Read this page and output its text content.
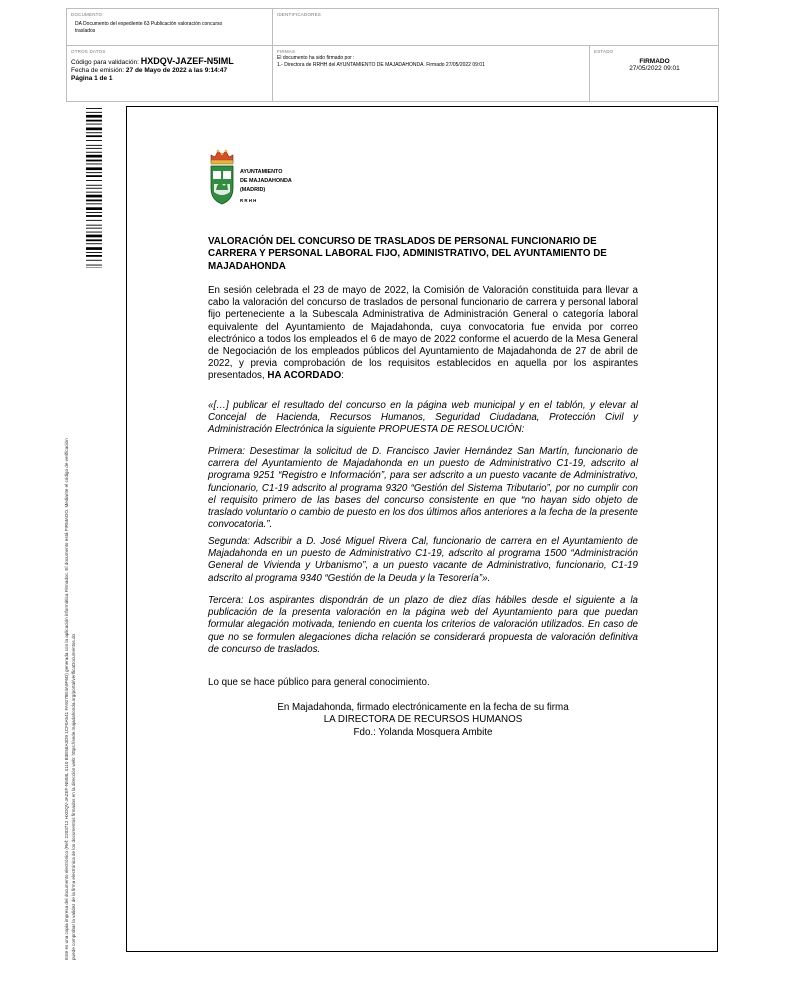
DOCUMENTO
DA Documento del expediente 63 Publicación valoración concurso traslados
IDENTIFICADORES
OTROS DATOS
Código para validación: HXDQV-JAZEF-N5IML
Fecha de emisión: 27 de Mayo de 2022 a las 9:14:47
Página 1 de 1
FIRMAS
El documento ha sido firmado por :
1.- Directora de RRHH del AYUNTAMIENTO DE MAJADAHONDA. Firmado 27/05/2022 09:01
ESTADO
FIRMADO
27/05/2022 09:01
Este es una copia impresa del documento electrónico (Ref: 2203712 HXDQV-JAZEF-N5IML 4110 B3E58A3D9 1CF0A541 FA9278E4A9F6D) generada con la aplicación informática Firmadoc. El documento está FIRMADO. Mediante el código de verificación puede comprobar la validez de la firma electrónica de los documentos firmados en la dirección web: https://sede.majadahonda.org/portal/verificaDocumentos.do
AYUNTAMIENTO
DE MAJADAHONDA
(MADRID)
R R H H
VALORACIÓN DEL CONCURSO DE TRASLADOS DE PERSONAL FUNCIONARIO DE CARRERA Y PERSONAL LABORAL FIJO, ADMINISTRATIVO, DEL AYUNTAMIENTO DE MAJADAHONDA
En sesión celebrada el 23 de mayo de 2022, la Comisión de Valoración constituida para llevar a cabo la valoración del concurso de traslados de personal funcionario de carrera y personal laboral fijo perteneciente a la Subescala Administrativa de Administración General o categoría laboral equivalente del Ayuntamiento de Majadahonda, cuya convocatoria fue envida por correo electrónico a todos los empleados el 6 de mayo de 2022 conforme el acuerdo de la Mesa General de Negociación de los empleados públicos del Ayuntamiento de Majadahonda de 27 de abril de 2022, y previa comprobación de los requisitos establecidos en aquella por los aspirantes presentados, HA ACORDADO:
«[…] publicar el resultado del concurso en la página web municipal y en el tablón, y elevar al Concejal de Hacienda, Recursos Humanos, Seguridad Ciudadana, Protección Civil y Administración Electrónica la siguiente PROPUESTA DE RESOLUCIÓN:
Primera: Desestimar la solicitud de D. Francisco Javier Hernández San Martín, funcionario de carrera del Ayuntamiento de Majadahonda en un puesto de Administrativo C1-19, adscrito al programa 9251 “Registro e Información”, para ser adscrito a un puesto vacante de Administrativo, funcionario, C1-19 adscrito al programa 9320 “Gestión del Sistema Tributario”, por no cumplir con el requisito primero de las bases del concurso consistente en que “no hayan sido objeto de traslado voluntario o cambio de puesto en los dos últimos años anteriores a la fecha de la presente convocatoria.”.
Segunda: Adscribir a D. José Miguel Rivera Cal, funcionario de carrera en el Ayuntamiento de Majadahonda en un puesto de Administrativo C1-19, adscrito al programa 1500 “Administración General de Vivienda y Urbanismo”, a un puesto vacante de Administrativo, funcionario, C1-19 adscrito al programa 9340 “Gestión de la Deuda y la Tesorería”».
Tercera: Los aspirantes dispondrán de un plazo de diez días hábiles desde el siguiente a la publicación de la presenta valoración en la página web del Ayuntamiento para que puedan formular alegación motivada, teniendo en cuenta los criterios de valoración utilizados. En caso de que no se formulen alegaciones dicha relación se considerará propuesta de valoración definitiva de concurso de traslados.
Lo que se hace público para general conocimiento.
En Majadahonda, firmado electrónicamente en la fecha de su firma
LA DIRECTORA DE RECURSOS HUMANOS
Fdo.: Yolanda Mosquera Ambite
